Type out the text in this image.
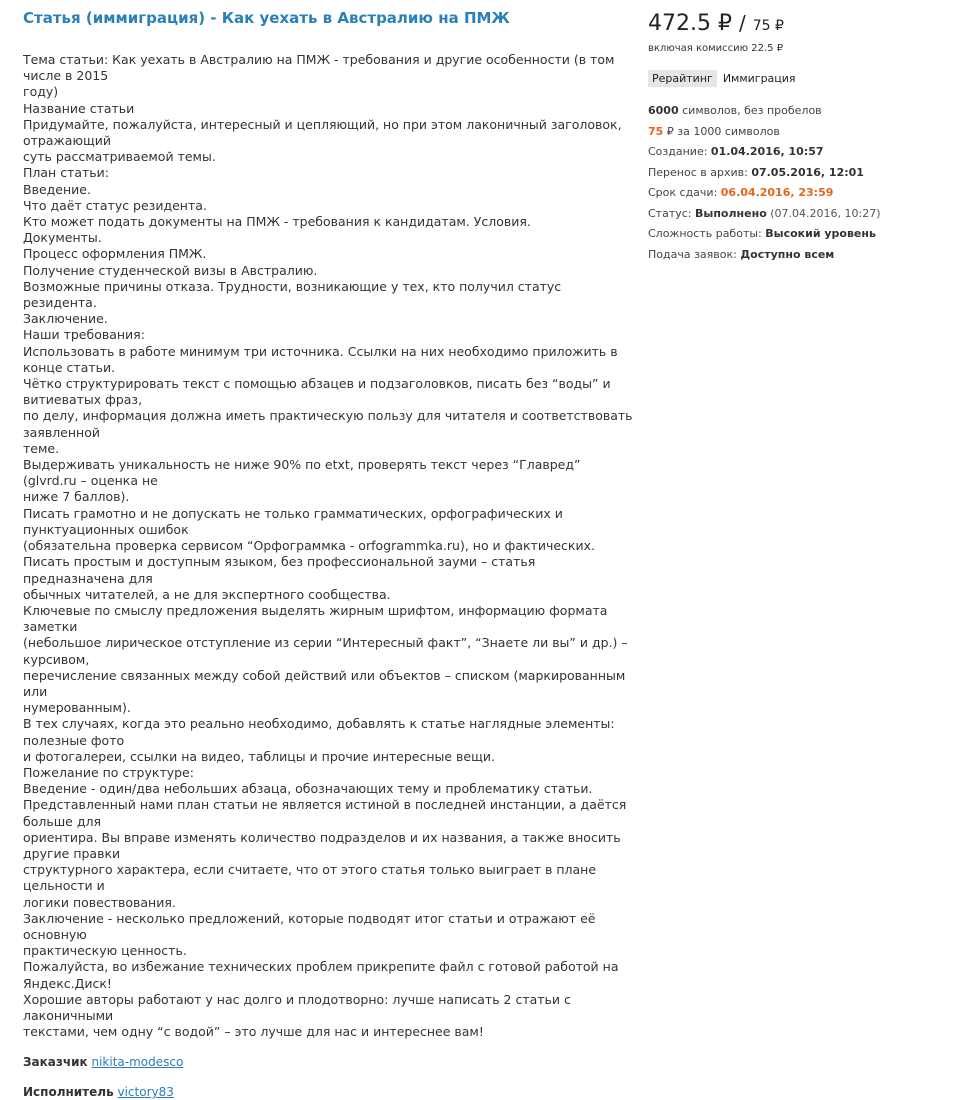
Статья (иммиграция) - Как уехать в Австралию на ПМЖ
Тема статьи: Как уехать в Австралию на ПМЖ - требования и другие особенности (в том числе в 2015
году)
Название статьи
Придумайте, пожалуйста, интересный и цепляющий, но при этом лаконичный заголовок, отражающий
суть рассматриваемой темы.
План статьи:
Введение.
Что даёт статус резидента.
Кто может подать документы на ПМЖ - требования к кандидатам. Условия.
Документы.
Процесс оформления ПМЖ.
Получение студенческой визы в Австралию.
Возможные причины отказа. Трудности, возникающие у тех, кто получил статус резидента.
Заключение.
Наши требования:
Использовать в работе минимум три источника. Ссылки на них необходимо приложить в конце статьи.
Чётко структурировать текст с помощью абзацев и подзаголовков, писать без “воды” и витиеватых фраз,
по делу, информация должна иметь практическую пользу для читателя и соответствовать заявленной
теме.
Выдерживать уникальность не ниже 90% по etxt, проверять текст через “Главред” (glvrd.ru – оценка не
ниже 7 баллов).
Писать грамотно и не допускать не только грамматических, орфографических и пунктуационных ошибок
(обязательна проверка сервисом “Орфограммка - orfogrammka.ru), но и фактических.
Писать простым и доступным языком, без профессиональной зауми – статья предназначена для
обычных читателей, а не для экспертного сообщества.
Ключевые по смыслу предложения выделять жирным шрифтом, информацию формата заметки
(небольшое лирическое отступление из серии “Интересный факт”, “Знаете ли вы” и др.) – курсивом,
перечисление связанных между собой действий или объектов – списком (маркированным или
нумерованным).
В тех случаях, когда это реально необходимо, добавлять к статье наглядные элементы: полезные фото
и фотогалереи, ссылки на видео, таблицы и прочие интересные вещи.
Пожелание по структуре:
Введение - один/два небольших абзаца, обозначающих тему и проблематику статьи.
Представленный нами план статьи не является истиной в последней инстанции, а даётся больше для
ориентира. Вы вправе изменять количество подразделов и их названия, а также вносить другие правки
структурного характера, если считаете, что от этого статья только выиграет в плане цельности и
логики повествования.
Заключение - несколько предложений, которые подводят итог статьи и отражают её основную
практическую ценность.
Пожалуйста, во избежание технических проблем прикрепите файл с готовой работой на Яндекс.Диск!
Хорошие авторы работают у нас долго и плодотворно: лучше написать 2 статьи с лаконичными
текстами, чем одну “с водой” – это лучше для нас и интереснее вам!
Заказчик nikita-modesco
Исполнитель victory83
472.5 ₽ / 75 ₽
включая комиссию 22.5 ₽
Рерайтинг Иммиграция
6000 символов, без пробелов
75 ₽ за 1000 символов
Создание: 01.04.2016, 10:57
Перенос в архив: 07.05.2016, 12:01
Срок сдачи: 06.04.2016, 23:59
Статус: Выполнено (07.04.2016, 10:27)
Сложность работы: Высокий уровень
Подача заявок: Доступно всем
